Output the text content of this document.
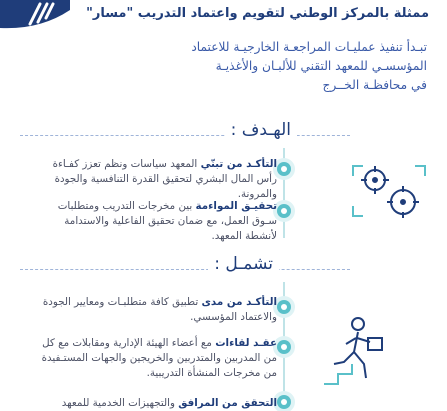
ممثلة بالمركز الوطني لتقويم واعتماد التدريب "مسار"
تبـدأ تنفيذ عمليـات المراجعـة الخارجيـة للاعتماد
المؤسسـي للمعهد التقني للألبـان والأغذيـة
في محافظـة الخــرج
الهـدف :
التأكـد من تبنّي المعهد سياسات ونظم تعزز كفـاءة رأس المال البشري لتحقيق القدرة التنافسية والجودة والمرونة.
تحقيـق المواءمة بين مخرجات التدريب ومتطلبات سـوق العمل، مع ضمان تحقيق الفاعلية والاستدامة لأنشطة المعهد.
تشمـل :
التأكـد من مدى تطبيق كافة متطلبـات ومعايير الجودة والاعتماد المؤسسي.
عقـد لقاءات مع أعضاء الهيئة الإدارية ومقابلات مع كل من المدربين والمتدربين والخريجين والجهات المستـفيدة من مخرجات المنشأة التدريبية.
التحقق من المرافق والتجهيزات الخدمية للمعهد
